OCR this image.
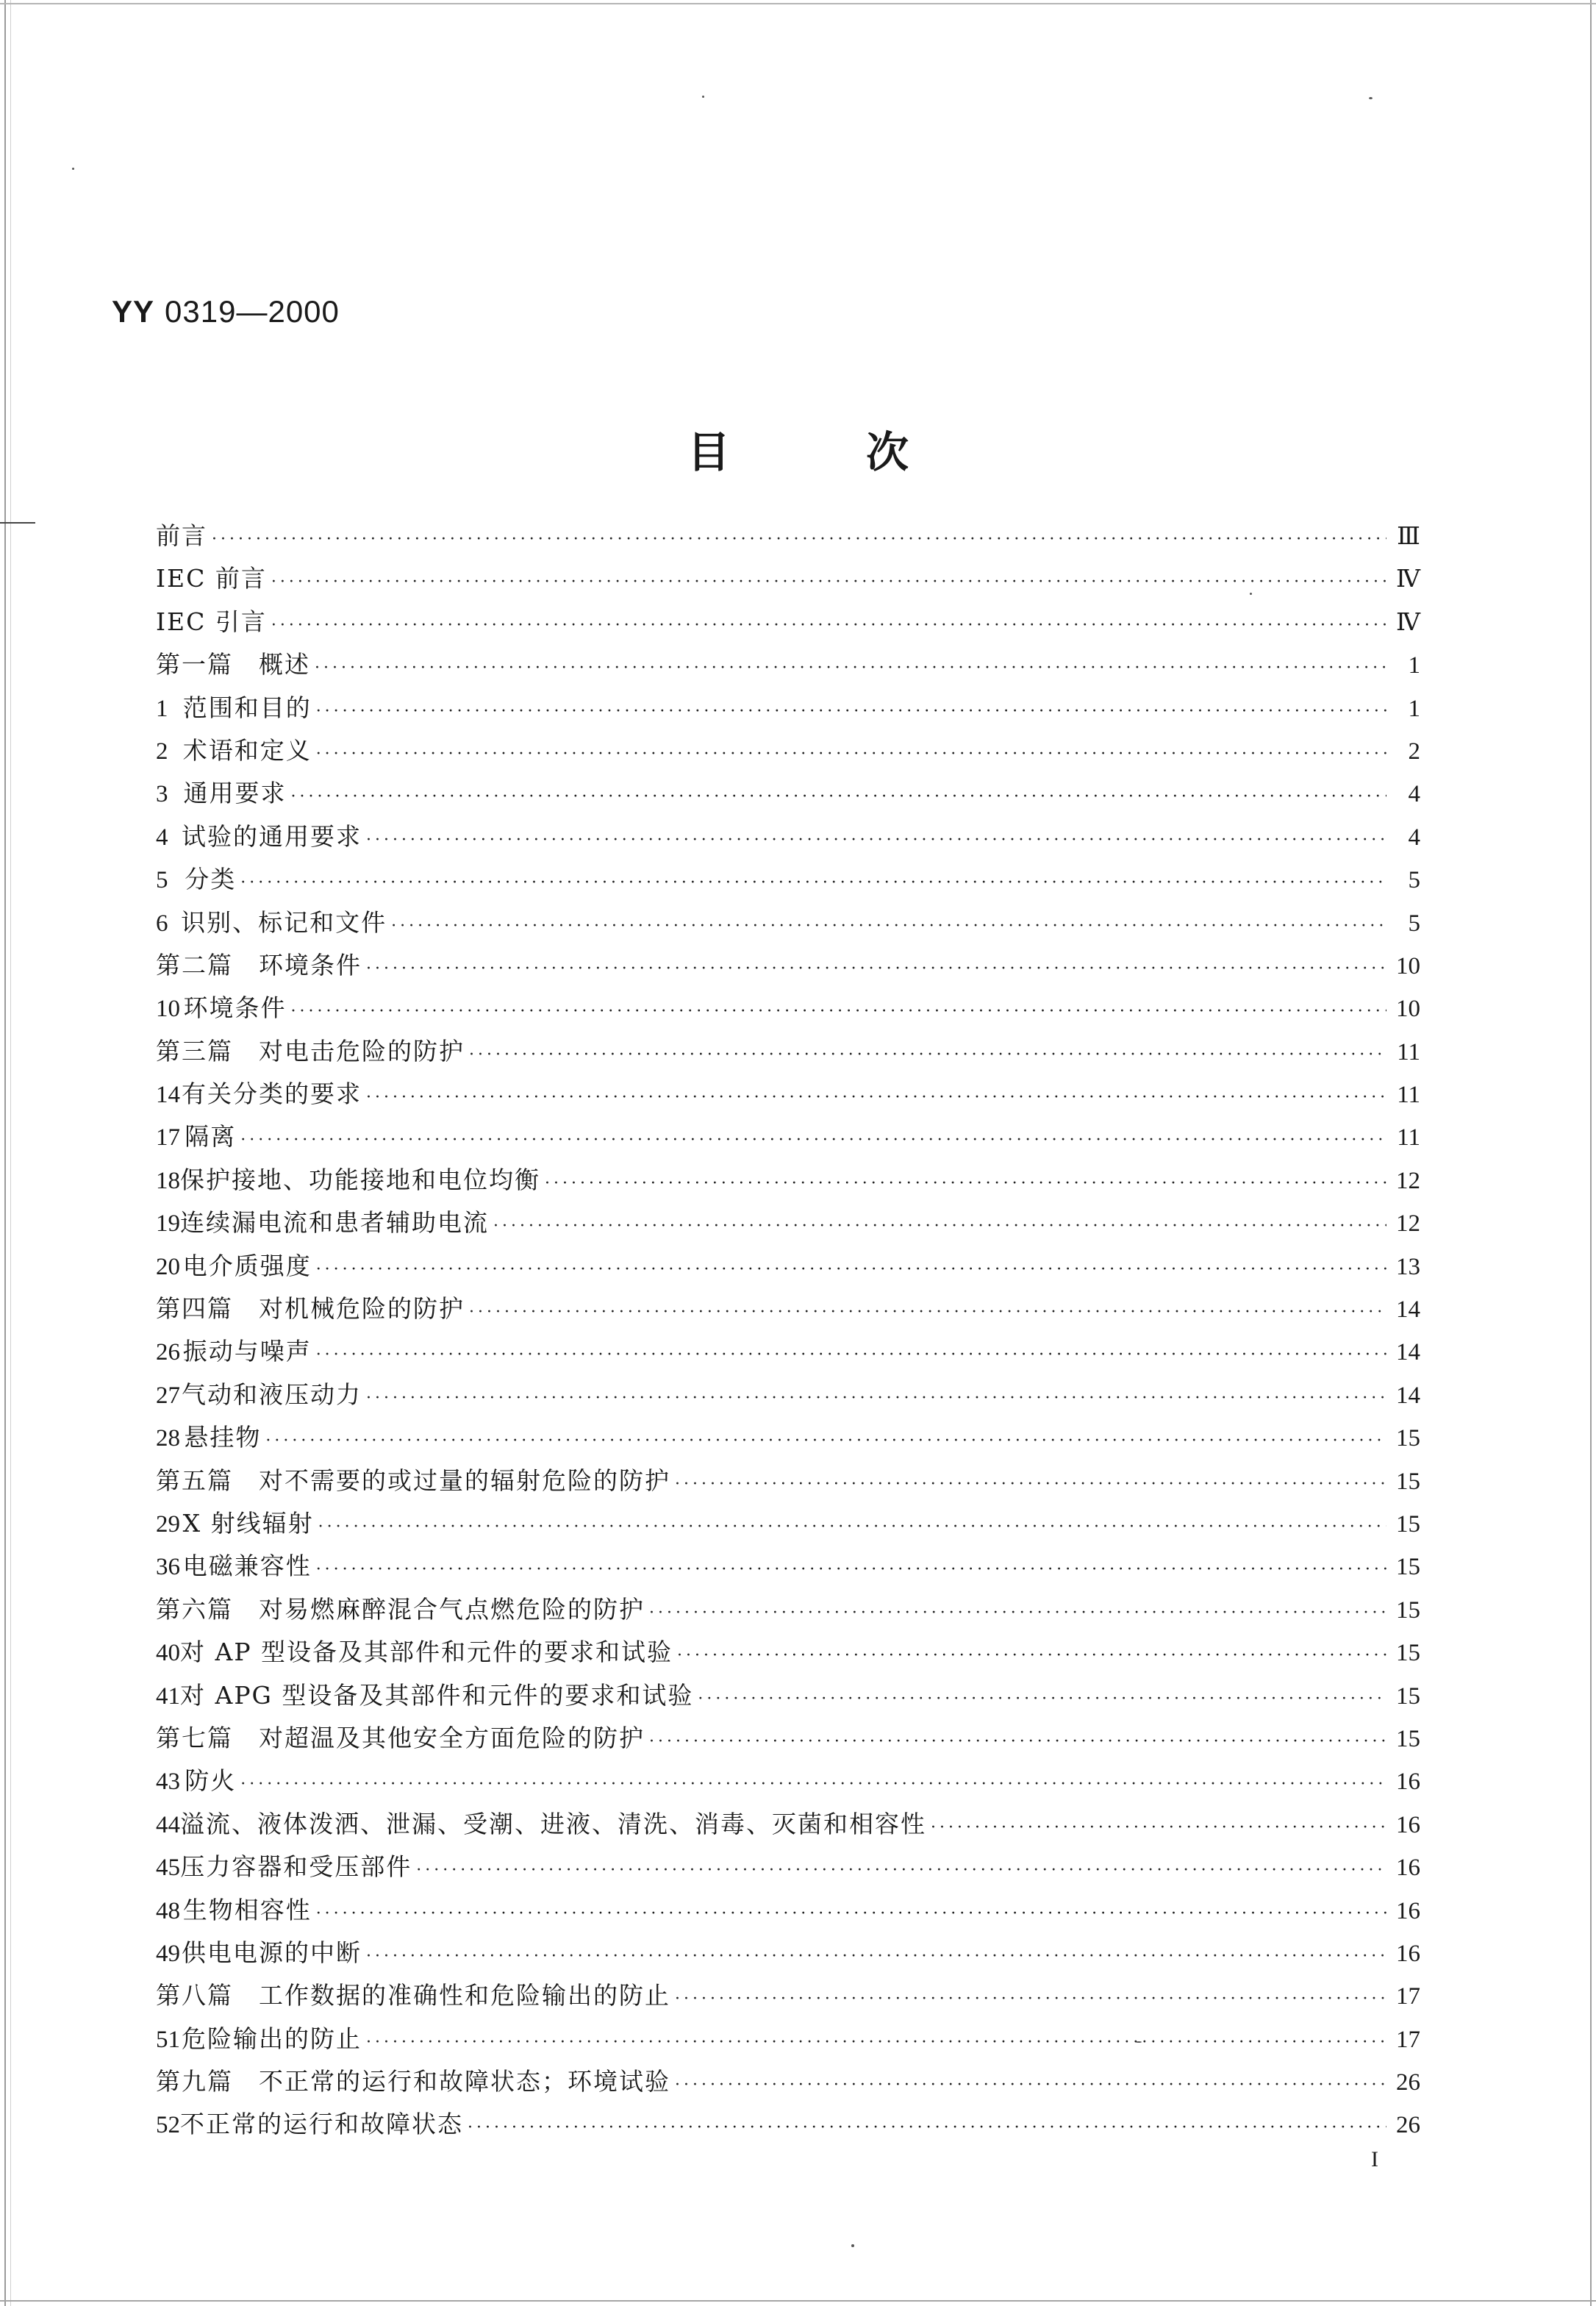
YY 0319—2000
目	次
前言 ·····	Ⅲ
IEC 前言 ·····	Ⅳ
IEC 引言 ·····	Ⅳ
第一篇　概述 ·····	1
1 范围和目的 ·····	1
2 术语和定义 ·····	2
3 通用要求 ·····	4
4 试验的通用要求 ·····	4
5 分类 ·····	5
6 识别、标记和文件 ·····	5
第二篇　环境条件 ·····	10
10 环境条件 ·····	10
第三篇　对电击危险的防护 ·····	11
14 有关分类的要求 ·····	11
17 隔离 ·····	11
18 保护接地、功能接地和电位均衡 ·····	12
19 连续漏电流和患者辅助电流 ·····	12
20 电介质强度 ·····	13
第四篇　对机械危险的防护 ·····	14
26 振动与噪声 ·····	14
27 气动和液压动力 ·····	14
28 悬挂物 ·····	15
第五篇　对不需要的或过量的辐射危险的防护 ·····	15
29 X 射线辐射 ·····	15
36 电磁兼容性 ·····	15
第六篇　对易燃麻醉混合气点燃危险的防护 ·····	15
40 对 AP 型设备及其部件和元件的要求和试验 ·····	15
41 对 APG 型设备及其部件和元件的要求和试验 ·····	15
第七篇　对超温及其他安全方面危险的防护 ·····	15
43 防火 ·····	16
44 溢流、液体泼洒、泄漏、受潮、进液、清洗、消毒、灭菌和相容性 ·····	16
45 压力容器和受压部件 ·····	16
48 生物相容性 ·····	16
49 供电电源的中断 ·····	16
第八篇　工作数据的准确性和危险输出的防止 ·····	17
51 危险输出的防止 ·····	17
第九篇　不正常的运行和故障状态；环境试验 ·····	26
52 不正常的运行和故障状态 ·····	26
I
